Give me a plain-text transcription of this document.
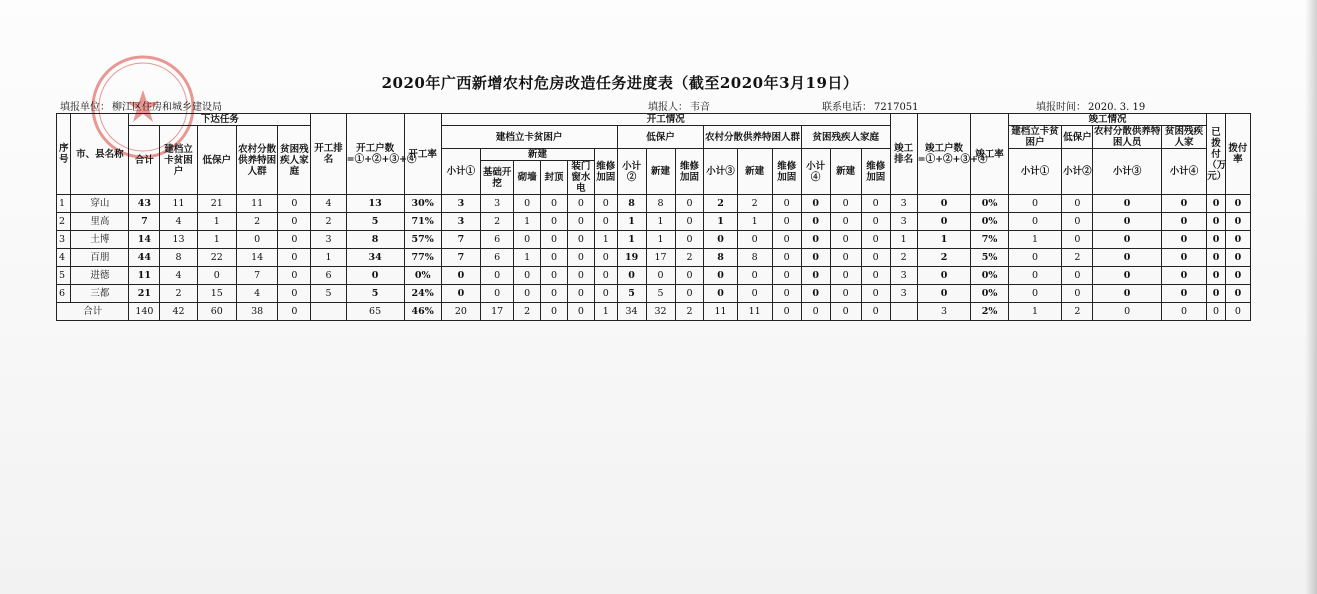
2020年广西新增农村危房改造任务进度表（截至2020年3月19日）
填报单位： 柳江区住房和城乡建设局	填报人： 韦音	联系电话： 7217051	填报时间： 2020. 3. 19
序号	市、县名称	下达任务					开工排名	开工户数=①+②+③+④	开工率	开工情况															竣工排名	竣工户数=①+②+③+④	竣工率	竣工情况				已拨付（万元）	拨付率
		合计	建档立卡贫困户	低保户	农村分散供养特困人群	贫困残疾人家庭				建档立卡贫困户						低保户			农村分散供养特困人群			贫困残疾人家庭						建档立卡贫困户	低保户	农村分散供养特困人员	贫困残疾人家		
										小计①	新建				维修加固	小计②	新建	维修加固	小计③	新建	维修加固	小计④	新建	维修加固				小计①	小计②	小计③	小计④		
											基础开挖	砌墙	封顶	装门窗水电																			
1	穿山	43	11	21	11	0	4	13	30%	3	3	0	0	0	0	8	8	0	2	2	0	0	0	0	3	0	0%	0	0	0	0	0	0
2	里高	7	4	1	2	0	2	5	71%	3	2	1	0	0	0	1	1	0	1	1	0	0	0	0	3	0	0%	0	0	0	0	0	0
3	土博	14	13	1	0	0	3	8	57%	7	6	0	0	0	1	1	1	0	0	0	0	0	0	0	1	1	7%	1	0	0	0	0	0
4	百朋	44	8	22	14	0	1	34	77%	7	6	1	0	0	0	19	17	2	8	8	0	0	0	0	2	2	5%	0	2	0	0	0	0
5	进德	11	4	0	7	0	6	0	0%	0	0	0	0	0	0	0	0	0	0	0	0	0	0	0	3	0	0%	0	0	0	0	0	0
6	三都	21	2	15	4	0	5	5	24%	0	0	0	0	0	0	5	5	0	0	0	0	0	0	0	3	0	0%	0	0	0	0	0	0
合计		140	42	60	38	0		65	46%	20	17	2	0	0	1	34	32	2	11	11	0	0	0	0		3	2%	1	2	0	0	0	0
